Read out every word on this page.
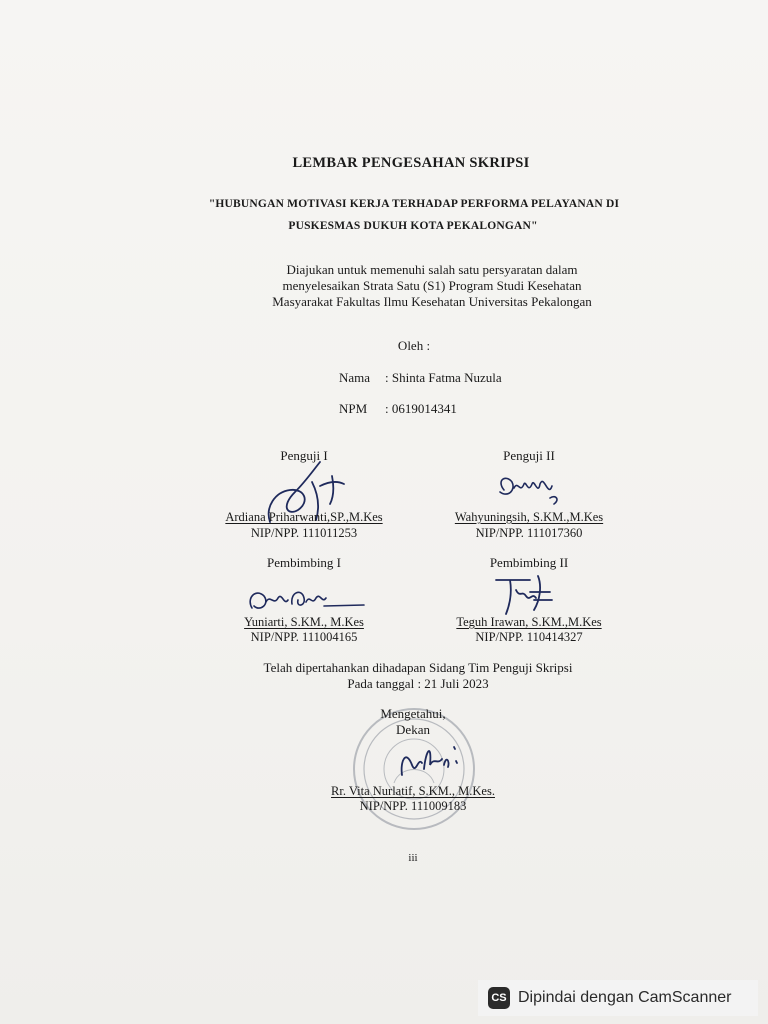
LEMBAR PENGESAHAN SKRIPSI
"HUBUNGAN MOTIVASI KERJA TERHADAP PERFORMA PELAYANAN DI
PUSKESMAS DUKUH KOTA PEKALONGAN"
Diajukan untuk memenuhi salah satu persyaratan dalam
menyelesaikan Strata Satu (S1) Program Studi Kesehatan
Masyarakat Fakultas Ilmu Kesehatan Universitas Pekalongan
Oleh :
Nama : Shinta Fatma Nuzula
NPM : 0619014341
Penguji I	Penguji II
Ardiana Priharwanti,SP.,M.Kes
NIP/NPP. 111011253
Wahyuningsih, S.KM.,M.Kes
NIP/NPP. 111017360
Pembimbing I	Pembimbing II
Yuniarti, S.KM., M.Kes
NIP/NPP. 111004165
Teguh Irawan, S.KM.,M.Kes
NIP/NPP. 110414327
Telah dipertahankan dihadapan Sidang Tim Penguji Skripsi
Pada tanggal : 21 Juli 2023
Mengetahui,
Dekan
Rr. Vita Nurlatif, S.KM., M.Kes.
NIP/NPP. 111009183
iii
CS Dipindai dengan CamScanner
